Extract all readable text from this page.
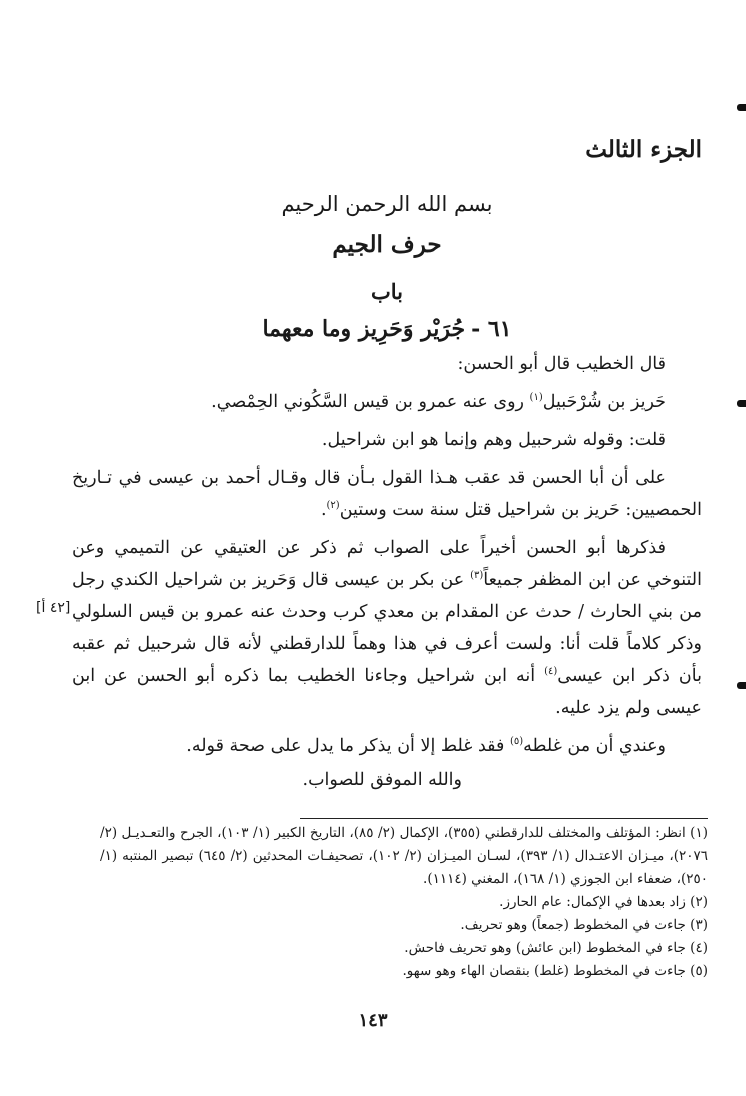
الجزء الثالث

بسم الله الرحمن الرحيم

حرف الجيم

باب

٦١ -جُرَيْر وَحَرِيز وما معهما

قال الخطيب قال أبو الحسن:

حَريز بن شُرْحَبيل$^{(١)}$ روى عنه عمرو بن قيس السَّكُوني الحِمْصي.

قلت: وقوله شرحبيل وهم وإنما هو ابن شراحيل.

على أن أبا الحسن قد عقب هـذا القول بـأن قال وقـال أحمد بن عيسى في تـاريخ الحمصيين: حَريز بن شراحيل قتل سنة ست وستين$^{(٢)}$.

[٤٢ أ]

فذكرها أبو الحسن أخيراً على الصواب ثم ذكر عن العتيقي عن التميمي وعن التنوخي عن ابن المظفر جميعاً$^{(٣)}$ عن بكر بن عيسى قال وَحَريز بن شراحيل الكندي رجل من بني الحارث / حدث عن المقدام بن معدي كرب وحدث عنه عمرو بن قيس السلولي وذكر كلاماً قلت أنا: ولست أعرف في هذا وهماً للدارقطني لأنه قال شرحبيل ثم عقبه بأن ذكر ابن عيسى$^{(٤)}$ أنه ابن شراحيل وجاءنا الخطيب بما ذكره أبو الحسن عن ابن عيسى ولم يزد عليه.

وعندي أن من غلطه$^{(٥)}$ فقد غلط إلا أن يذكر ما يدل على صحة قوله.

والله الموفق للصواب.

(١) انظر: المؤتلف والمختلف للدارقطني (٣٥٥)، الإكمال (٢/ ٨٥)، التاريخ الكبير (١/ ١٠٣)، الجرح والتعـديـل (٢/ ٢٠٧٦)، ميـزان الاعتـدال (١/ ٣٩٣)، لسـان الميـزان (٢/ ١٠٢)، تصحيفـات المحدثين (٢/ ٦٤٥) تبصير المنتبه (١/ ٢٥٠)، ضعفاء ابن الجوزي (١/ ١٦٨)، المغني (١١١٤).

(٢) زاد بعدها في الإكمال: عام الحارز.

(٣) جاءت في المخطوط (جمعاً) وهو تحريف.

(٤) جاء في المخطوط (ابن عائش) وهو تحريف فاحش.

(٥) جاءت في المخطوط (غلط) بنقصان الهاء وهو سهو.

١٤٣
